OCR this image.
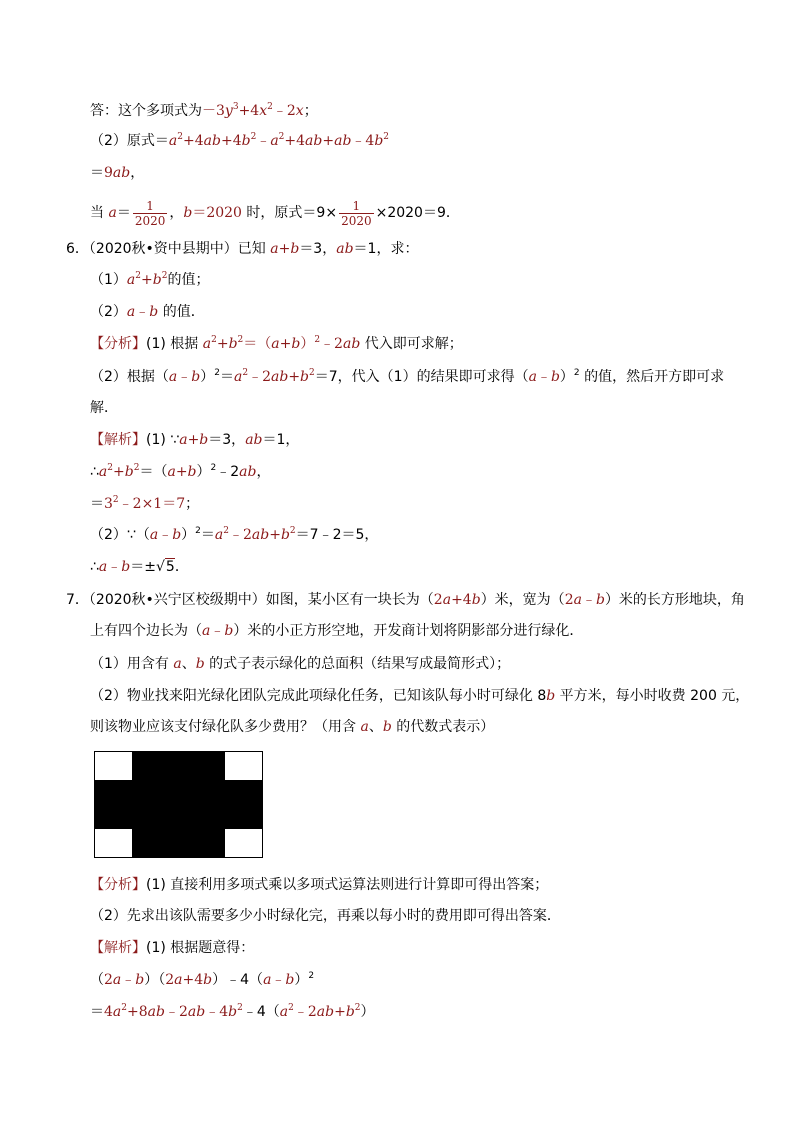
答：这个多项式为$-3y^3+4x^2﹣2x$；
（2）原式$=a^2+4ab+4b^2﹣a^2+4ab+ab﹣4b^2$
＝9ab，
当 $a= \frac{1}{2020}$ ，b＝2020 时，原式$=9\times \frac{1}{2020} \times 2020=9$．
6．（2020秋•资中县期中）已知 a+b＝3，ab＝1，求：
$(1)a^2+b^2$的值；
（2）a﹣b 的值．
【分析】(1) 根据 $a^2+b^2=(a+b)^2﹣2ab$ 代入即可求解；
（2）根据$(a﹣b)^2=a^2﹣2ab+b^2=7$，代入（1）的结果即可求得（a﹣b）$^2$ 的值，然后开方即可求
解．
【解析】(1) ∵a+b＝3，ab＝1，
$\therefore a^2+b^2=(a+b)^2﹣2ab$，
$=3^2﹣2\times 1=7$；
$(2)\because(a﹣b)^2=a^2﹣2ab+b^2=7﹣2=5$，
∴a﹣b＝±√5．
7．（2020秋•兴宁区校级期中）如图，某小区有一块长为（2a+4b）米，宽为（2a﹣b）米的长方形地块，角
上有四个边长为（a﹣b）米的小正方形空地，开发商计划将阴影部分进行绿化．
（1）用含有 a、b 的式子表示绿化的总面积（结果写成最简形式）；
（2）物业找来阳光绿化团队完成此项绿化任务，已知该队每小时可绿化 8b 平方米，每小时收费 200 元，
则该物业应该支付绿化队多少费用？（用含 a、b 的代数式表示）
【分析】(1) 直接利用多项式乘以多项式运算法则进行计算即可得出答案；
（2）先求出该队需要多少小时绿化完，再乘以每小时的费用即可得出答案．
【解析】(1) 根据题意得：
（2a﹣b）（2a+4b）﹣4（a﹣b）$^2$
$=4a^2+8ab﹣2ab﹣4b^2﹣4(a^2﹣2ab+b^2)$
